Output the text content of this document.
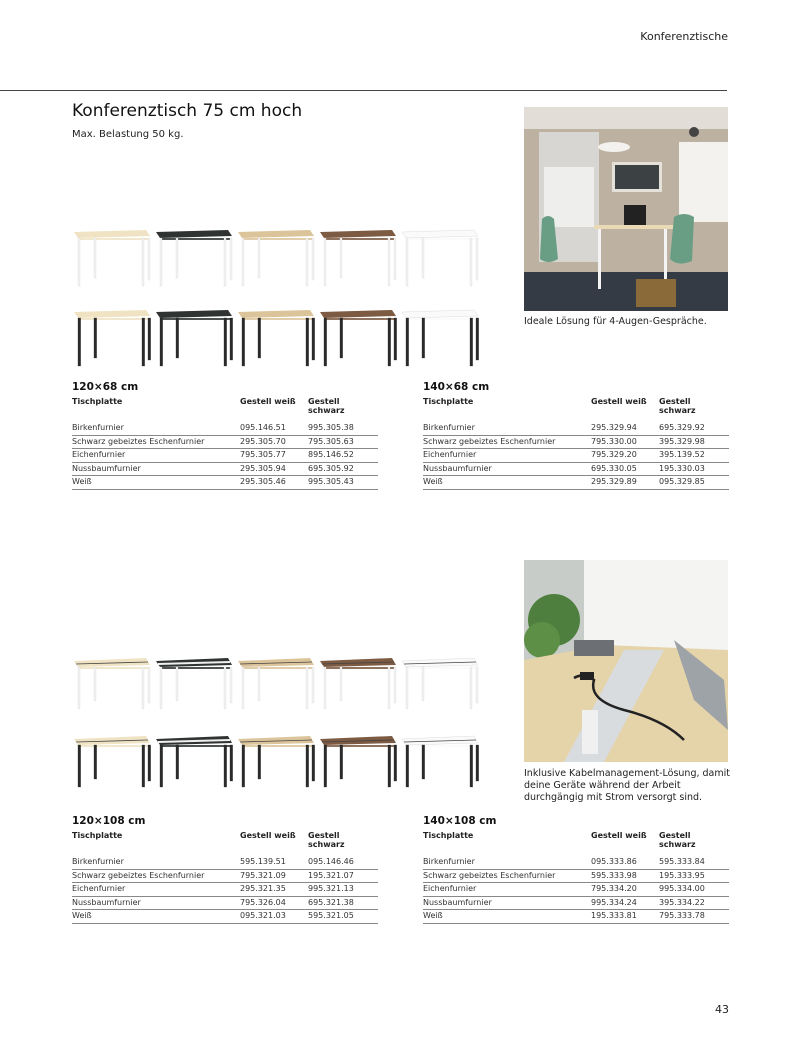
Konferenztische
Konferenztisch 75 cm hoch
Max. Belastung 50 kg.
Ideale Lösung für 4-Augen-Gespräche.
Inklusive Kabelmanagement-Lösung, damit deine Geräte während der Arbeit durchgängig mit Strom versorgt sind.
120×68 cm
Tischplatte	Gestell weiß	Gestell schwarz
Birkenfurnier	095.146.51	995.305.38
Schwarz gebeiztes Eschenfurnier	295.305.70	795.305.63
Eichenfurnier	795.305.77	895.146.52
Nussbaumfurnier	295.305.94	695.305.92
Weiß	295.305.46	995.305.43
140×68 cm
Tischplatte	Gestell weiß	Gestell schwarz
Birkenfurnier	295.329.94	695.329.92
Schwarz gebeiztes Eschenfurnier	795.330.00	395.329.98
Eichenfurnier	795.329.20	395.139.52
Nussbaumfurnier	695.330.05	195.330.03
Weiß	295.329.89	095.329.85
120×108 cm
Tischplatte	Gestell weiß	Gestell schwarz
Birkenfurnier	595.139.51	095.146.46
Schwarz gebeiztes Eschenfurnier	795.321.09	195.321.07
Eichenfurnier	295.321.35	995.321.13
Nussbaumfurnier	795.326.04	695.321.38
Weiß	095.321.03	595.321.05
140×108 cm
Tischplatte	Gestell weiß	Gestell schwarz
Birkenfurnier	095.333.86	595.333.84
Schwarz gebeiztes Eschenfurnier	595.333.98	195.333.95
Eichenfurnier	795.334.20	995.334.00
Nussbaumfurnier	995.334.24	395.334.22
Weiß	195.333.81	795.333.78
43
